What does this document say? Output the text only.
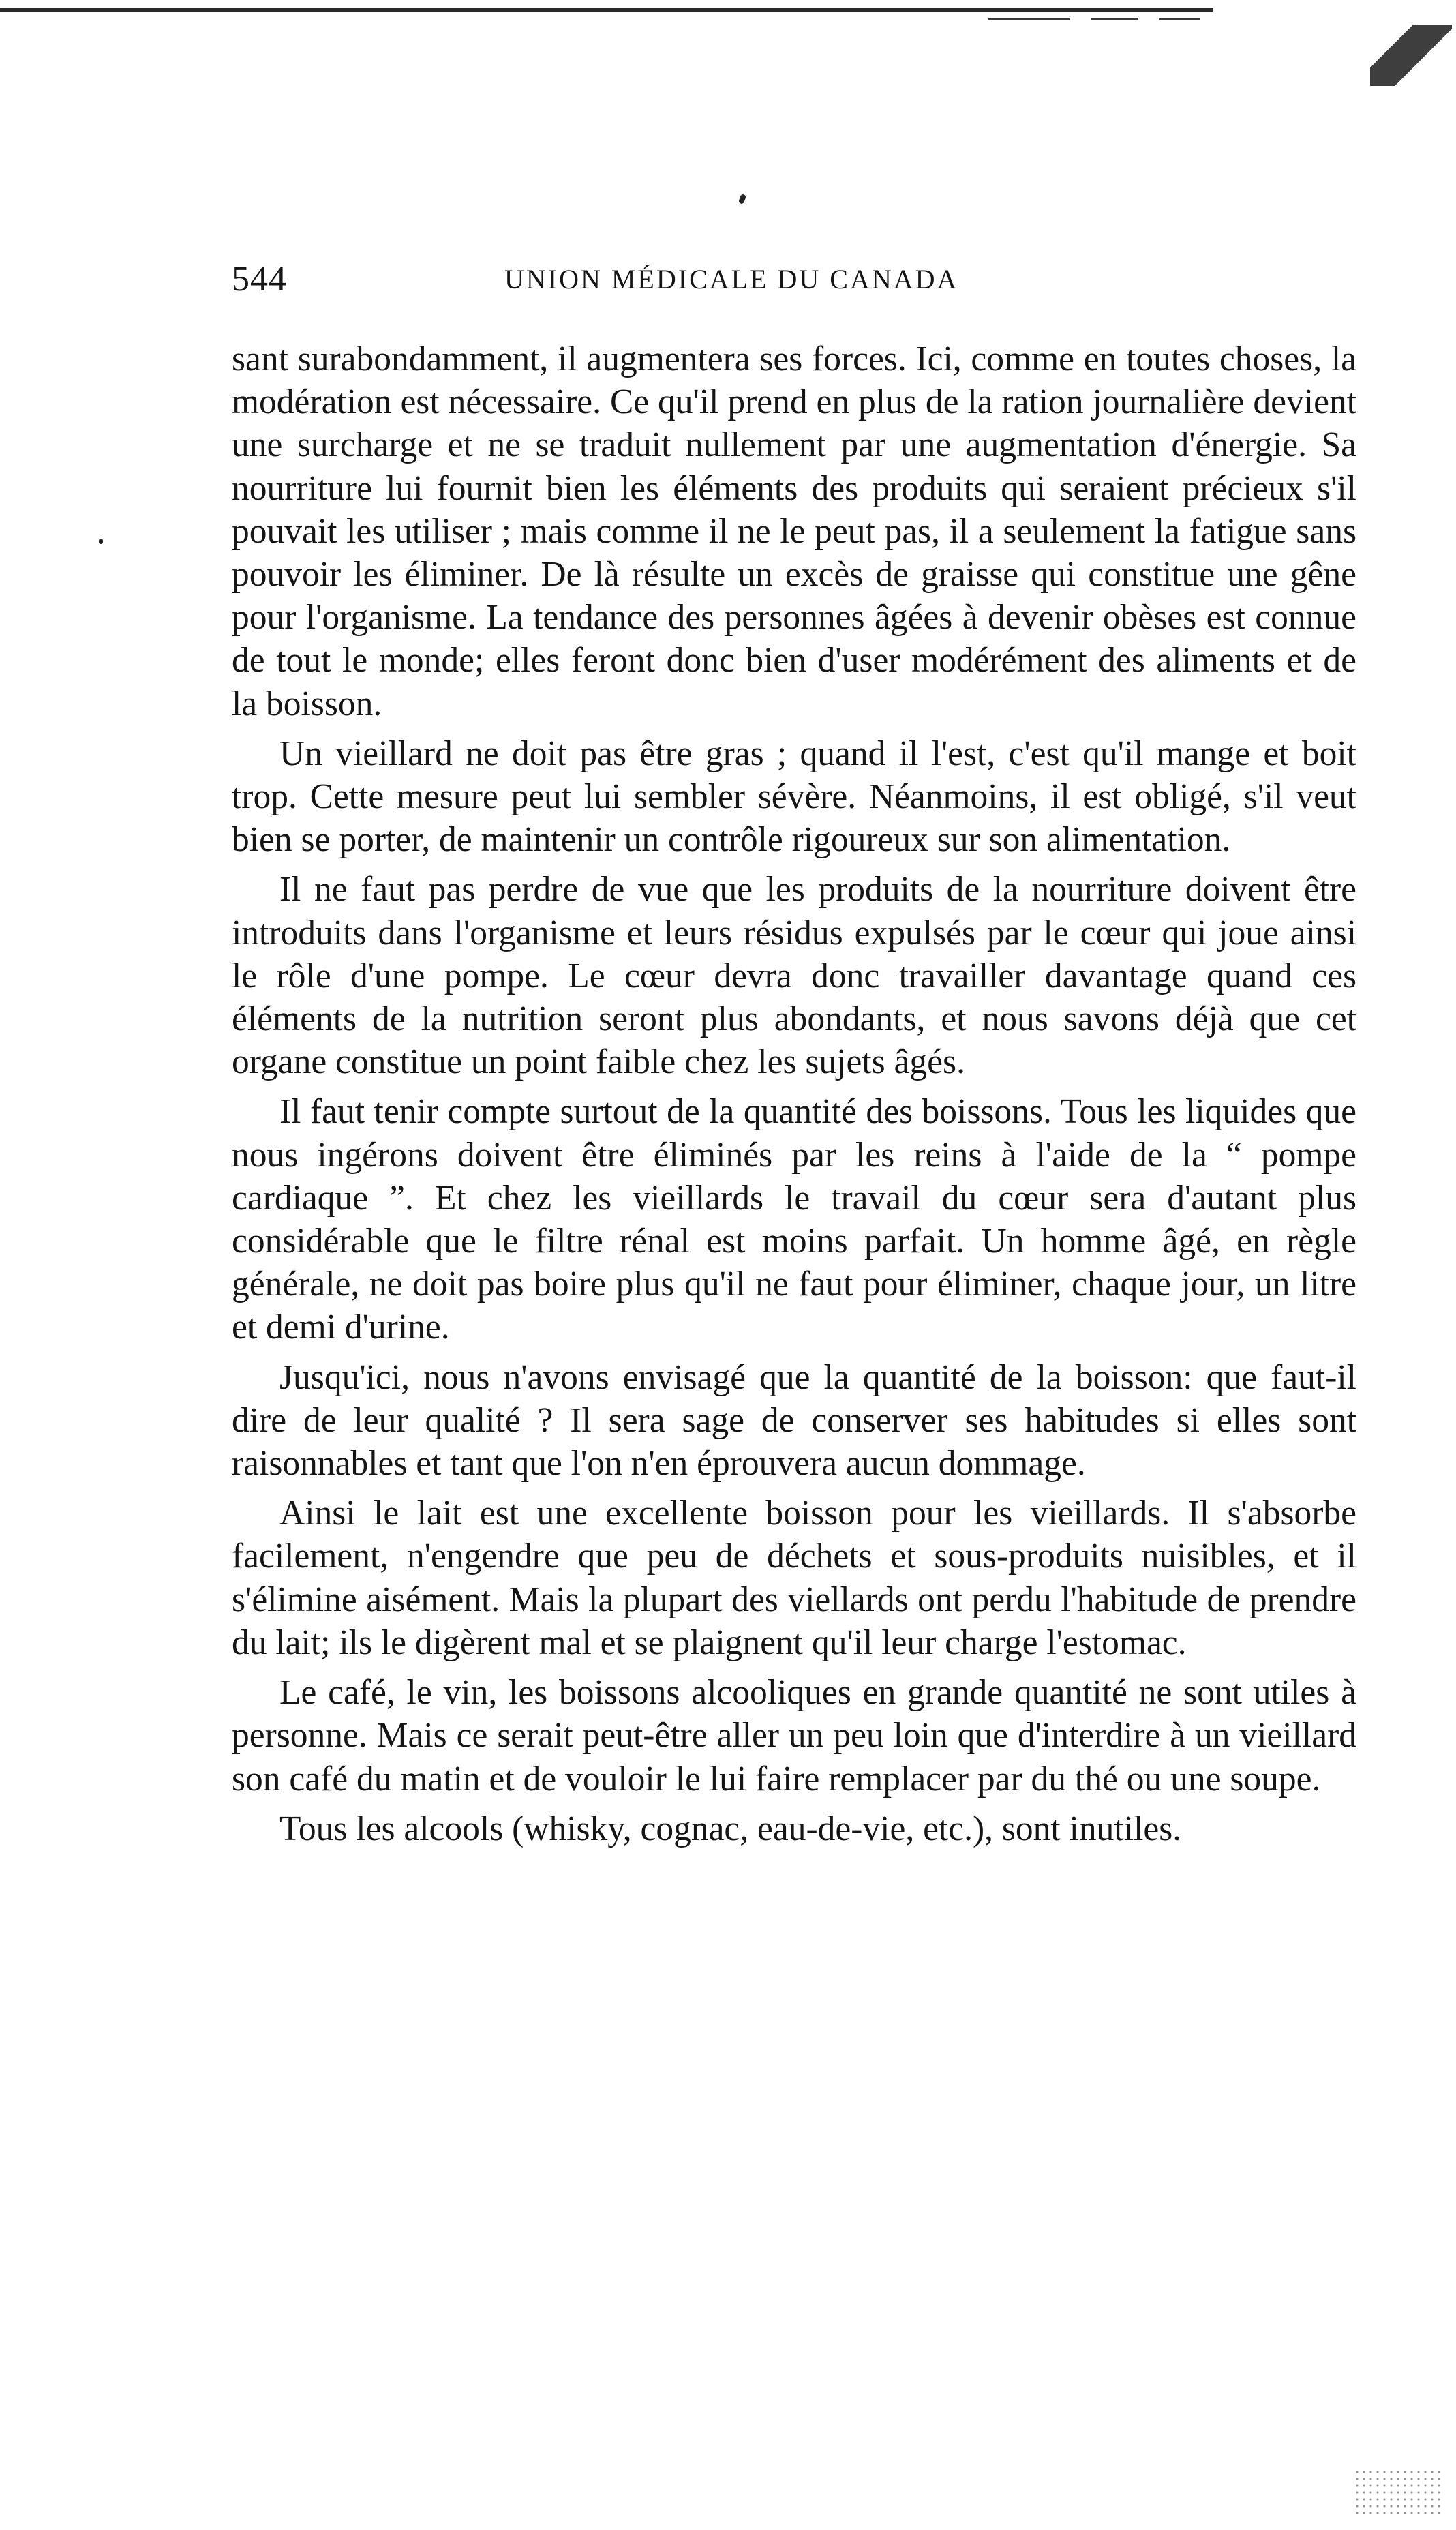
544	UNION MÉDICALE DU CANADA

sant surabondamment, il augmentera ses forces. Ici, comme en toutes choses, la modération est nécessaire. Ce qu'il prend en plus de la ration journalière devient une surcharge et ne se traduit nullement par une augmentation d'énergie. Sa nourriture lui fournit bien les éléments des produits qui seraient précieux s'il pouvait les utiliser ; mais comme il ne le peut pas, il a seulement la fatigue sans pouvoir les éliminer. De là résulte un excès de graisse qui constitue une gêne pour l'organisme. La tendance des personnes âgées à devenir obèses est connue de tout le monde; elles feront donc bien d'user modérément des aliments et de la boisson.

Un vieillard ne doit pas être gras ; quand il l'est, c'est qu'il mange et boit trop. Cette mesure peut lui sembler sévère. Néanmoins, il est obligé, s'il veut bien se porter, de maintenir un contrôle rigoureux sur son alimentation.

Il ne faut pas perdre de vue que les produits de la nourriture doivent être introduits dans l'organisme et leurs résidus expulsés par le cœur qui joue ainsi le rôle d'une pompe. Le cœur devra donc travailler davantage quand ces éléments de la nutrition seront plus abondants, et nous savons déjà que cet organe constitue un point faible chez les sujets âgés.

Il faut tenir compte surtout de la quantité des boissons. Tous les liquides que nous ingérons doivent être éliminés par les reins à l'aide de la “ pompe cardiaque ”. Et chez les vieillards le travail du cœur sera d'autant plus considérable que le filtre rénal est moins parfait. Un homme âgé, en règle générale, ne doit pas boire plus qu'il ne faut pour éliminer, chaque jour, un litre et demi d'urine.

Jusqu'ici, nous n'avons envisagé que la quantité de la boisson: que faut-il dire de leur qualité ? Il sera sage de conserver ses habitudes si elles sont raisonnables et tant que l'on n'en éprouvera aucun dommage.

Ainsi le lait est une excellente boisson pour les vieillards. Il s'absorbe facilement, n'engendre que peu de déchets et sous-produits nuisibles, et il s'élimine aisément. Mais la plupart des viellards ont perdu l'habitude de prendre du lait; ils le digèrent mal et se plaignent qu'il leur charge l'estomac.

Le café, le vin, les boissons alcooliques en grande quantité ne sont utiles à personne. Mais ce serait peut-être aller un peu loin que d'interdire à un vieillard son café du matin et de vouloir le lui faire remplacer par du thé ou une soupe.

Tous les alcools (whisky, cognac, eau-de-vie, etc.), sont inutiles.
